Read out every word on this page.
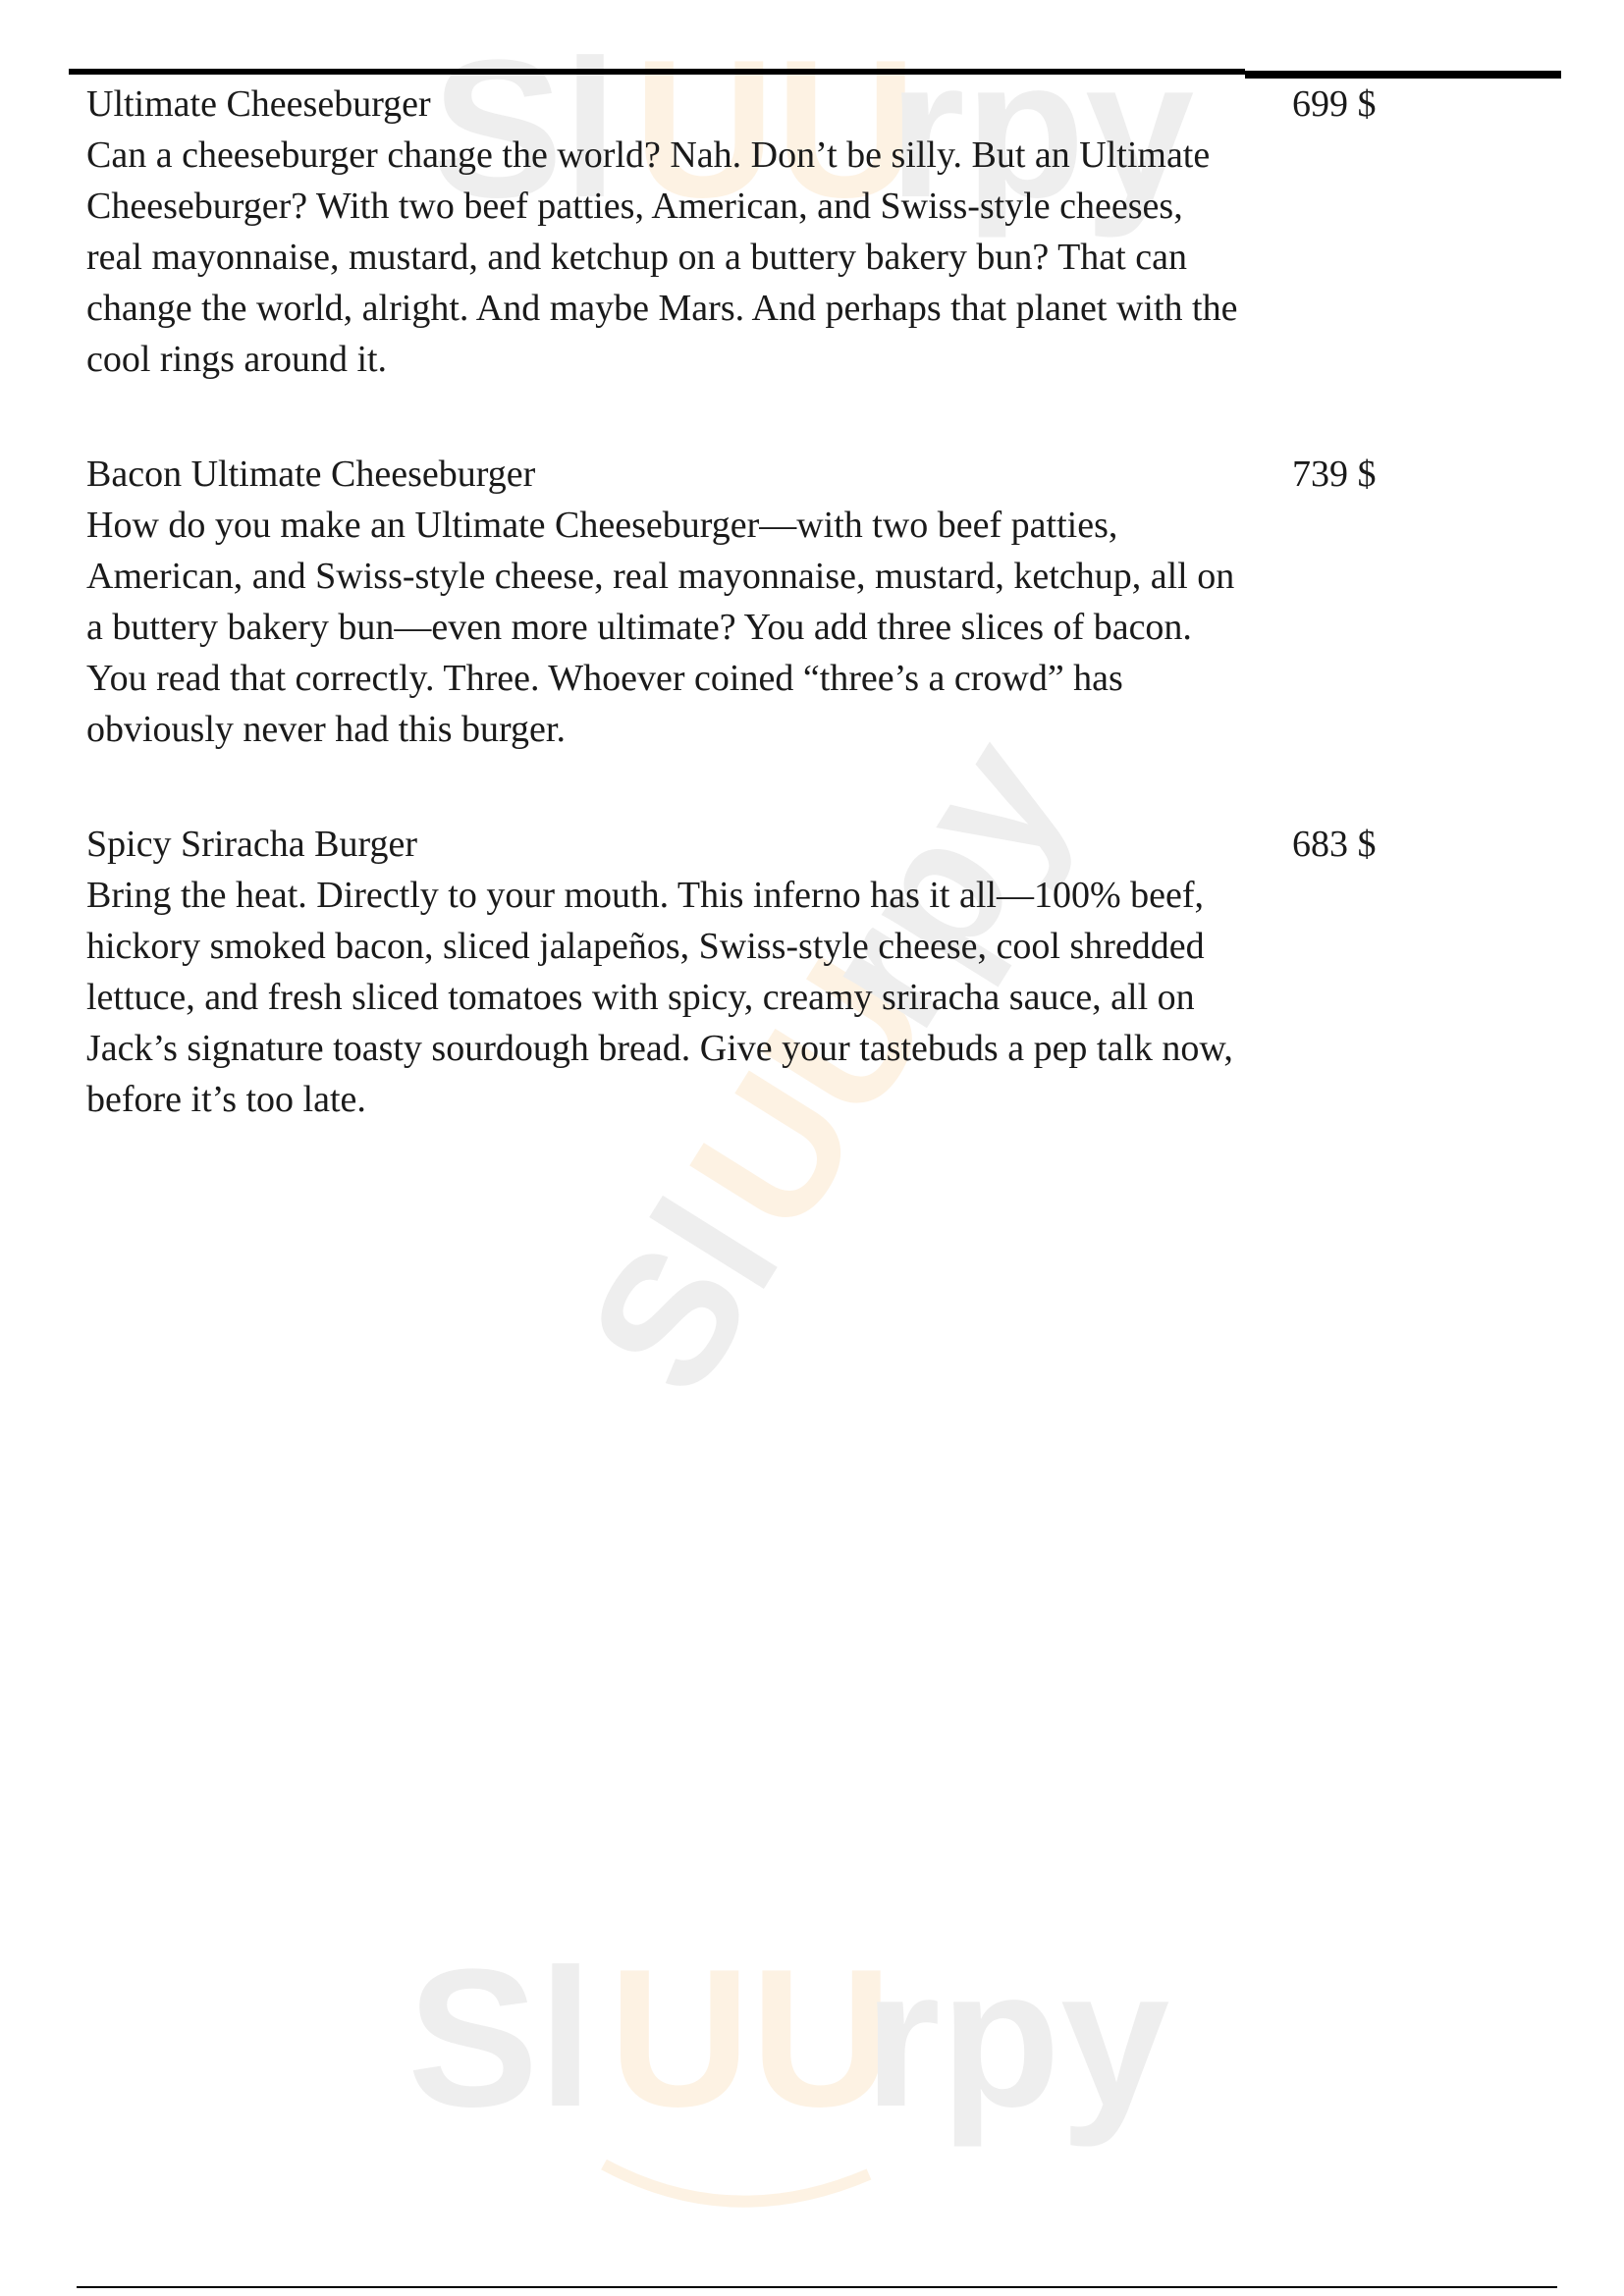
Sl UU
rpy
Sl
UU
rpy
Sl UU
rpy
Ultimate Cheeseburger
Can a cheeseburger change the world? Nah. Don’t be silly. But an Ultimate Cheeseburger? With two beef patties, American, and Swiss-style cheeses, real mayonnaise, mustard, and ketchup on a buttery bakery bun? That can change the world, alright. And maybe Mars. And perhaps that planet with the cool rings around it.
699 $
Bacon Ultimate Cheeseburger
How do you make an Ultimate Cheeseburger—with two beef patties, American, and Swiss-style cheese, real mayonnaise, mustard, ketchup, all on a buttery bakery bun—even more ultimate? You add three slices of bacon. You read that correctly. Three. Whoever coined “three’s a crowd” has obviously never had this burger.
739 $
Spicy Sriracha Burger
Bring the heat. Directly to your mouth. This inferno has it all—100% beef, hickory smoked bacon, sliced jalapeños, Swiss-style cheese, cool shredded lettuce, and fresh sliced tomatoes with spicy, creamy sriracha sauce, all on Jack’s signature toasty sourdough bread. Give your tastebuds a pep talk now, before it’s too late.
683 $
